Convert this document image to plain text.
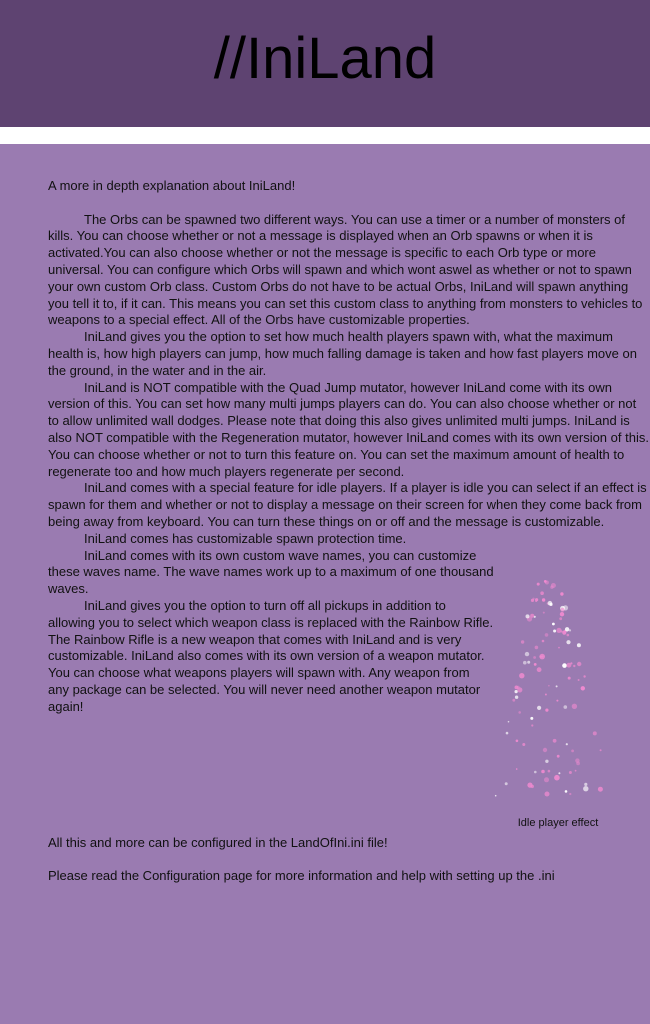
//IniLand

A more in depth explanation about IniLand!

The Orbs can be spawned two different ways. You can use a timer or a number of monsters of kills. You can choose whether or not a message is displayed when an Orb spawns or when it is activated.You can also choose whether or not the message is specific to each Orb type or more universal. You can configure which Orbs will spawn and which wont aswel as whether or not to spawn your own custom Orb class. Custom Orbs do not have to be actual Orbs, IniLand will spawn anything you tell it to, if it can. This means you can set this custom class to anything from monsters to vehicles to weapons to a special effect. All of the Orbs have customizable properties.

IniLand gives you the option to set how much health players spawn with, what the maximum health is, how high players can jump, how much falling damage is taken and how fast players move on the ground, in the water and in the air.

IniLand is NOT compatible with the Quad Jump mutator, however IniLand come with its own version of this. You can set how many multi jumps players can do. You can also choose whether or not to allow unlimited wall dodges. Please note that doing this also gives unlimited multi jumps. IniLand is also NOT compatible with the Regeneration mutator, however IniLand comes with its own version of this. You can choose whether or not to turn this feature on. You can set the maximum amount of health to regenerate too and how much players regenerate per second.

IniLand comes with a special feature for idle players. If a player is idle you can select if an effect is spawn for them and whether or not to display a message on their screen for when they come back from being away from keyboard. You can turn these things on or off and the message is customizable.

IniLand comes has customizable spawn protection time.

IniLand comes with its own custom wave names, you can customize these waves name. The wave names work up to a maximum of one thousand waves.

IniLand gives you the option to turn off all pickups in addition to allowing you to select which weapon class is replaced with the Rainbow Rifle. The Rainbow Rifle is a new weapon that comes with IniLand and is very customizable. IniLand also comes with its own version of a weapon mutator. You can choose what weapons players will spawn with. Any weapon from any package can be selected. You will never need another weapon mutator again!

All this and more can be configured in the LandOfIni.ini file!

Please read the Configuration page for more information and help with setting up the .ini

Idle player effect
